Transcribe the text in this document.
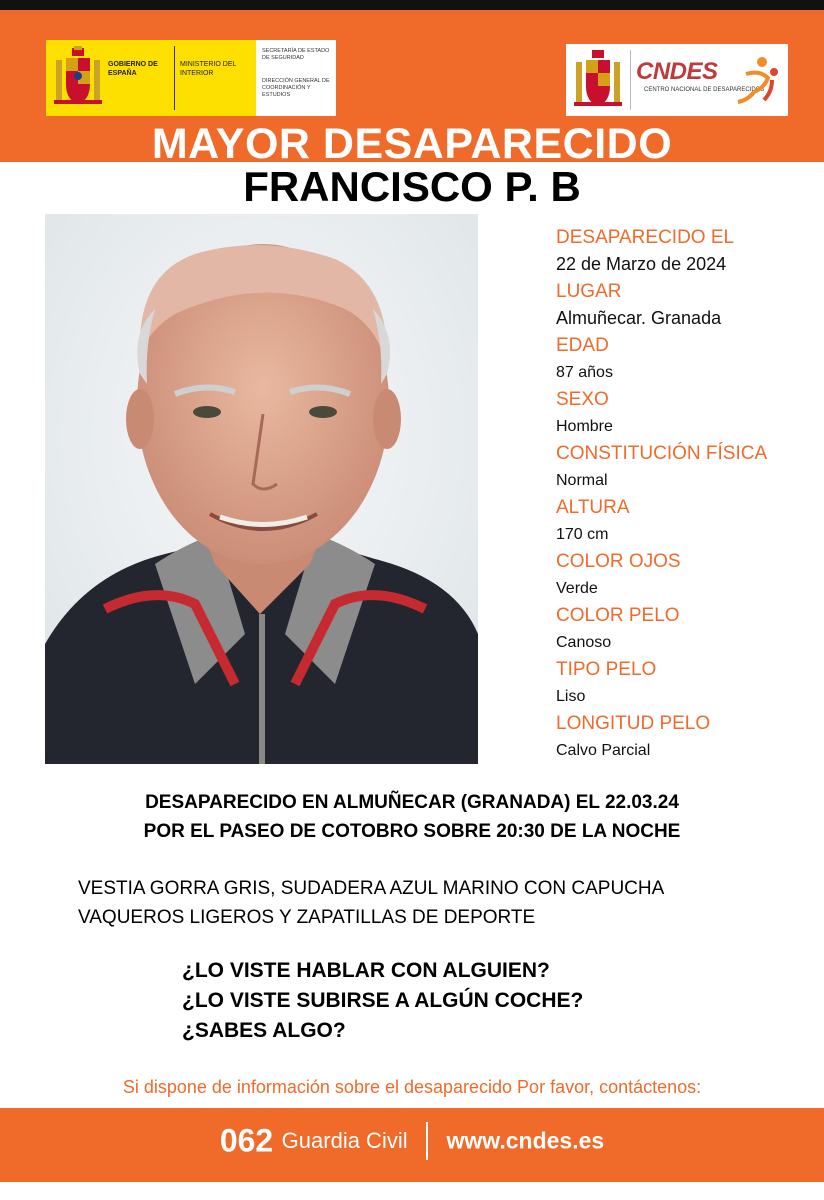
GOBIERNO DE ESPAÑA
MINISTERIO DEL INTERIOR
SECRETARÍA DE ESTADO DE SEGURIDAD
DIRECCIÓN GENERAL DE COORDINACIÓN Y ESTUDIOS
CNDES
CENTRO NACIONAL DE DESAPARECIDOS
MAYOR DESAPARECIDO
FRANCISCO P. B
DESAPARECIDO EL
22 de Marzo de 2024
LUGAR
Almuñecar. Granada
EDAD
87 años
SEXO
Hombre
CONSTITUCIÓN FÍSICA
Normal
ALTURA
170 cm
COLOR OJOS
Verde
COLOR PELO
Canoso
TIPO PELO
Liso
LONGITUD PELO
Calvo Parcial
DESAPARECIDO EN ALMUÑECAR (GRANADA) EL 22.03.24
POR EL PASEO DE COTOBRO SOBRE 20:30 DE LA NOCHE
VESTIA GORRA GRIS, SUDADERA AZUL MARINO CON CAPUCHA
VAQUEROS LIGEROS Y ZAPATILLAS DE DEPORTE
¿LO VISTE HABLAR CON ALGUIEN?
¿LO VISTE SUBIRSE A ALGÚN COCHE?
¿SABES ALGO?
Si dispone de información sobre el desaparecido Por favor, contáctenos:
062 Guardia Civil www.cndes.es
